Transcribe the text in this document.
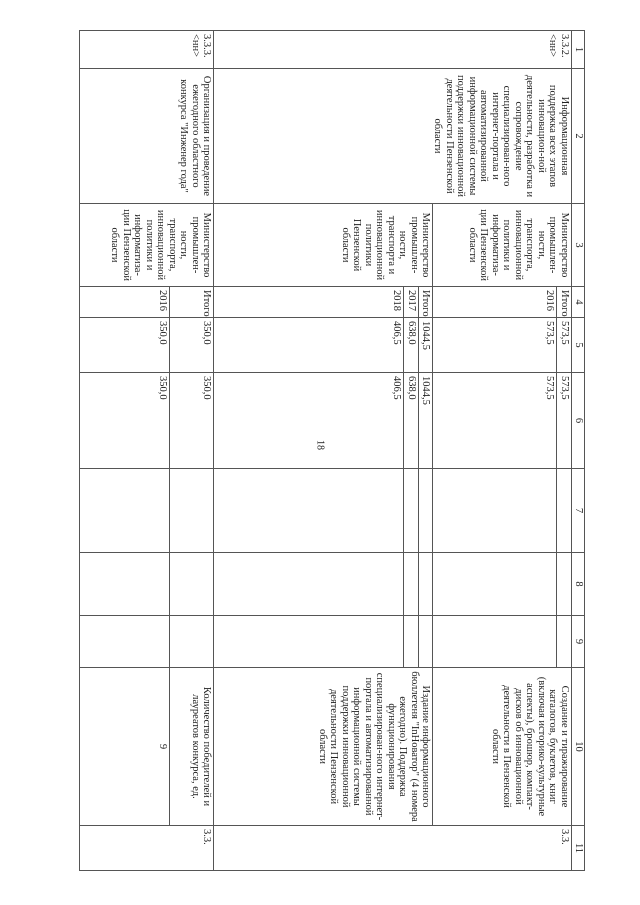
18
1	2	3	4	5	6	7	8	9	10	11
3.3.2. <нн>	Информационная поддержка всех этапов инновацион-ной деятельности, разработка и сопровождение специализирован-ного интернет-портала и автоматизированной информационной системы поддержки инновационной деятельности Пензенской области	Министерство промышлен-ности, транспорта, инновационной политики и информатиза-ции Пензенской области	Итого	573,5	573,5				Создание и тиражирование каталогов, буклетов, книг (включая историко-культурные аспекты), брошюр, компакт-дисков об инновационной деятельности в Пензенской области	3.3.
			2016	573,5	573,5					
		Министерство промышлен-ности, транспорта и инновационной политики Пензенской области	Итого	1044,5	1044,5				Издание информационного бюллетеня "InНоватор" (4 номера ежегодно). Поддержка функционирования специализирован-ного интернет-портала и автоматизированной информационной системы поддержки инновационной деятельности Пензенской области	
			2017	638,0	638,0					
			2018	406,5	406,5					
3.3.3. <нн>	Организация и проведение ежегодного областного конкурса "Инженер года"	Министерство промышлен-ности, транспорта, инновационной политики и информатиза-ции Пензенской области	Итого	350,0	350,0				Количество победителей и лауреатов конкурса, ед.	3.3.
			2016	350,0	350,0				9	
